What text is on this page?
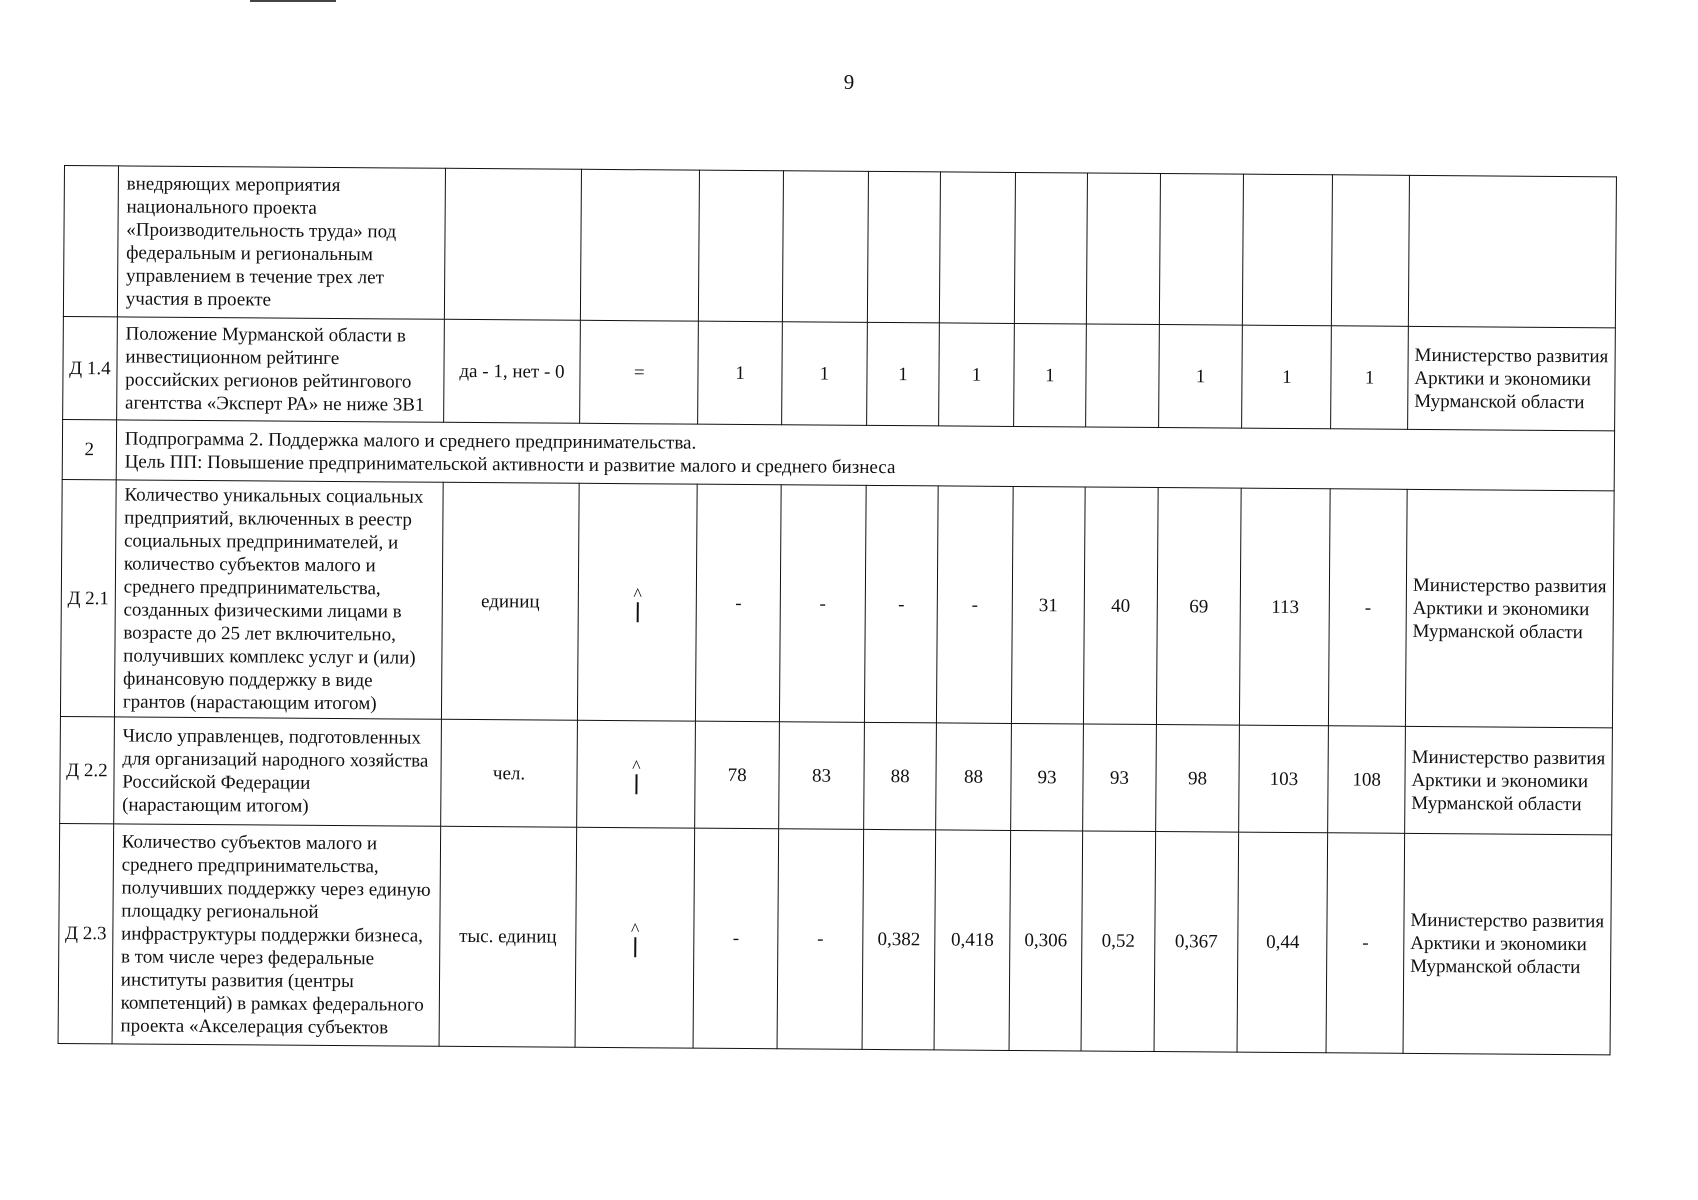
9
	внедряющих мероприятия национального проекта «Производительность труда» под федеральным и региональным управлением в течение трех лет участия в проекте												
Д 1.4	Положение Мурманской области в инвестиционном рейтинге российских регионов рейтингового агентства «Эксперт РА» не ниже 3В1	да - 1, нет - 0	=	1	1	1	1	1		1	1	1	Министерство развития Арктики и экономики Мурманской области
2	Подпрограмма 2. Поддержка малого и среднего предпринимательства.
Цель ПП: Повышение предпринимательской активности и развитие малого и среднего бизнеса												

Д 2.1	Количество уникальных социальных предприятий, включенных в реестр социальных предпринимателей, и количество субъектов малого и среднего предпринимательства, созданных физическими лицами в возрасте до 25 лет включительно, получивших комплекс услуг и (или) финансовую поддержку в виде грантов (нарастающим итогом)	единиц	^	-	-	-	-	31	40	69	113	-	Министерство развития Арктики и экономики Мурманской области
Д 2.2	Число управленцев, подготовленных для организаций народного хозяйства Российской Федерации (нарастающим итогом)	чел.	^	78	83	88	88	93	93	98	103	108	Министерство развития Арктики и экономики Мурманской области
Д 2.3	Количество субъектов малого и среднего предпринимательства, получивших поддержку через единую площадку региональной инфраструктуры поддержки бизнеса, в том числе через федеральные институты развития (центры компетенций) в рамках федерального проекта «Акселерация субъектов	тыс. единиц	^	-	-	0,382	0,418	0,306	0,52	0,367	0,44	-	Министерство развития Арктики и экономики Мурманской области
